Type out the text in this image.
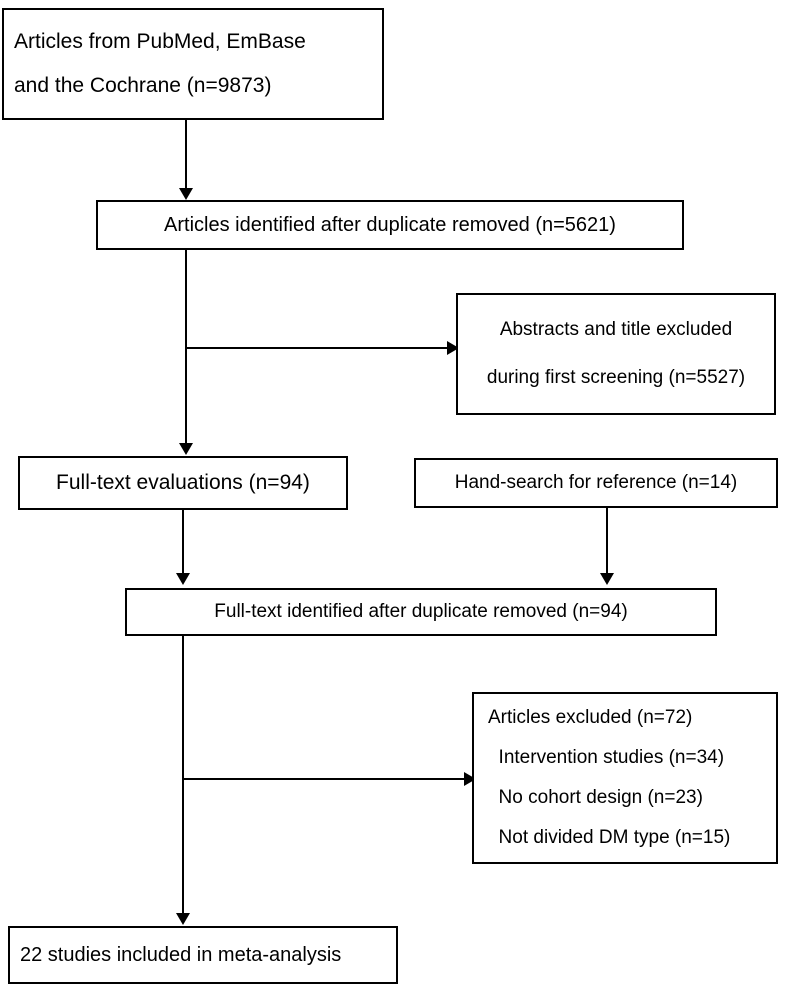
Articles from PubMed, EmBase
and the Cochrane (n=9873)
Articles identified after duplicate removed (n=5621)
Abstracts and title excluded
during first screening (n=5527)
Full-text evaluations (n=94)	Hand-search for reference (n=14)
Full-text identified after duplicate removed (n=94)
Articles excluded (n=72)
Intervention studies (n=34)
No cohort design (n=23)
Not divided DM type (n=15)
22 studies included in meta-analysis
